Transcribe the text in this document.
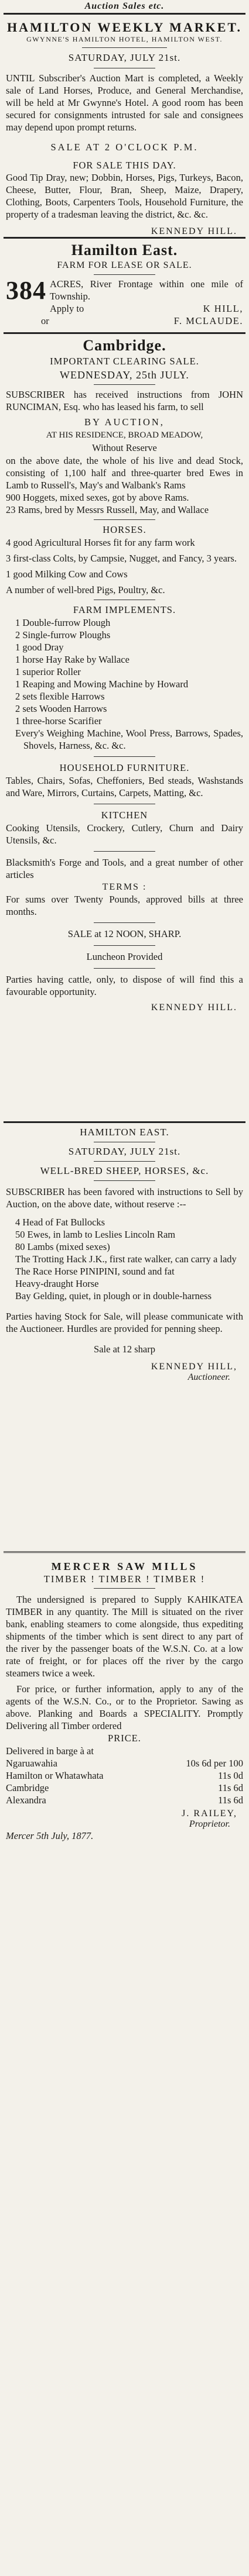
Auction Sales etc.
HAMILTON WEEKLY MARKET.
GWYNNE'S HAMILTON HOTEL, HAMILTON WEST.
SATURDAY, JULY 21st.
UNTIL Subscriber's Auction Mart is completed, a Weekly sale of Land Horses, Produce, and General Merchandise, will be held at Mr Gwynne's Hotel. A good room has been secured for consignments intrusted for sale and consignees may depend upon prompt returns.
SALE AT 2 O'CLOCK P.M.
FOR SALE THIS DAY.
Good Tip Dray, new; Dobbin, Horses, Pigs, Turkeys, Bacon, Cheese, Butter, Flour, Bran, Sheep, Maize, Drapery, Clothing, Boots, Carpenters Tools, Household Furniture, the property of a tradesman leaving the district, &c. &c.
KENNEDY HILL.
Hamilton East.
FARM FOR LEASE OR SALE.
384 ACRES, River Frontage within one mile of Township.
Apply to	K HILL,
or	F. MCLAUDE.
Cambridge.
IMPORTANT CLEARING SALE.
WEDNESDAY, 25th JULY.
SUBSCRIBER has received instructions from JOHN RUNCIMAN, Esq. who has leased his farm, to sell
BY AUCTION,
AT HIS RESIDENCE, BROAD MEADOW,
Without Reserve
on the above date, the whole of his live and dead Stock, consisting of 1,100 half and three-quarter bred Ewes in Lamb to Russell's, May's and Walbank's Rams
900 Hoggets, mixed sexes, got by above Rams.
23 Rams, bred by Messrs Russell, May, and Wallace
HORSES.
4 good Agricultural Horses fit for any farm work
3 first-class Colts, by Campsie, Nugget, and Fancy, 3 years.
1 good Milking Cow and Cows
A number of well-bred Pigs, Poultry, &c.
FARM IMPLEMENTS.
1 Double-furrow Plough
2 Single-furrow Ploughs
1 good Dray
1 horse Hay Rake by Wallace
1 superior Roller
1 Reaping and Mowing Machine by Howard
2 sets flexible Harrows
2 sets Wooden Harrows
1 three-horse Scarifier
Every's Weighing Machine, Wool Press, Barrows, Spades, Shovels, Harness, &c. &c.
HOUSEHOLD FURNITURE.
Tables, Chairs, Sofas, Cheffoniers, Bed steads, Washstands and Ware, Mirrors, Curtains, Carpets, Matting, &c.
KITCHEN
Cooking Utensils, Crockery, Cutlery, Churn and Dairy Utensils, &c.
Blacksmith's Forge and Tools, and a great number of other articles
TERMS :
For sums over Twenty Pounds, approved bills at three months.
SALE at 12 NOON, SHARP.
Luncheon Provided
Parties having cattle, only, to dispose of will find this a favourable opportunity.
KENNEDY HILL.
HAMILTON EAST.
SATURDAY, JULY 21st.
WELL-BRED SHEEP, HORSES, &c.
SUBSCRIBER has been favored with instructions to Sell by Auction, on the above date, without reserve :--
4 Head of Fat Bullocks
50 Ewes, in lamb to Leslies Lincoln Ram
80 Lambs (mixed sexes)
The Trotting Hack J.K., first rate walker, can carry a lady
The Race Horse PINIPINI, sound and fat
Heavy-draught Horse
Bay Gelding, quiet, in plough or in double-harness
Parties having Stock for Sale, will please communicate with the Auctioneer. Hurdles are provided for penning sheep.
Sale at 12 sharp
KENNEDY HILL,
Auctioneer.
MERCER SAW MILLS
TIMBER ! TIMBER ! TIMBER !
The undersigned is prepared to Supply KAHIKATEA TIMBER in any quantity. The Mill is situated on the river bank, enabling steamers to come alongside, thus expediting shipments of the timber which is sent direct to any part of the river by the passenger boats of the W.S.N. Co. at a low rate of freight, or for places off the river by the cargo steamers twice a week.
For price, or further information, apply to any of the agents of the W.S.N. Co., or to the Proprietor. Sawing as above. Planking and Boards a SPECIALITY. Promptly Delivering all Timber ordered
PRICE.
Delivered in barge à at
Ngaruawahia	10s 6d per 100
Hamilton or Whatawhata	11s 0d
Cambridge	11s 6d
Alexandra	11s 6d
J. RAILEY,
Proprietor.
Mercer 5th July, 1877.
